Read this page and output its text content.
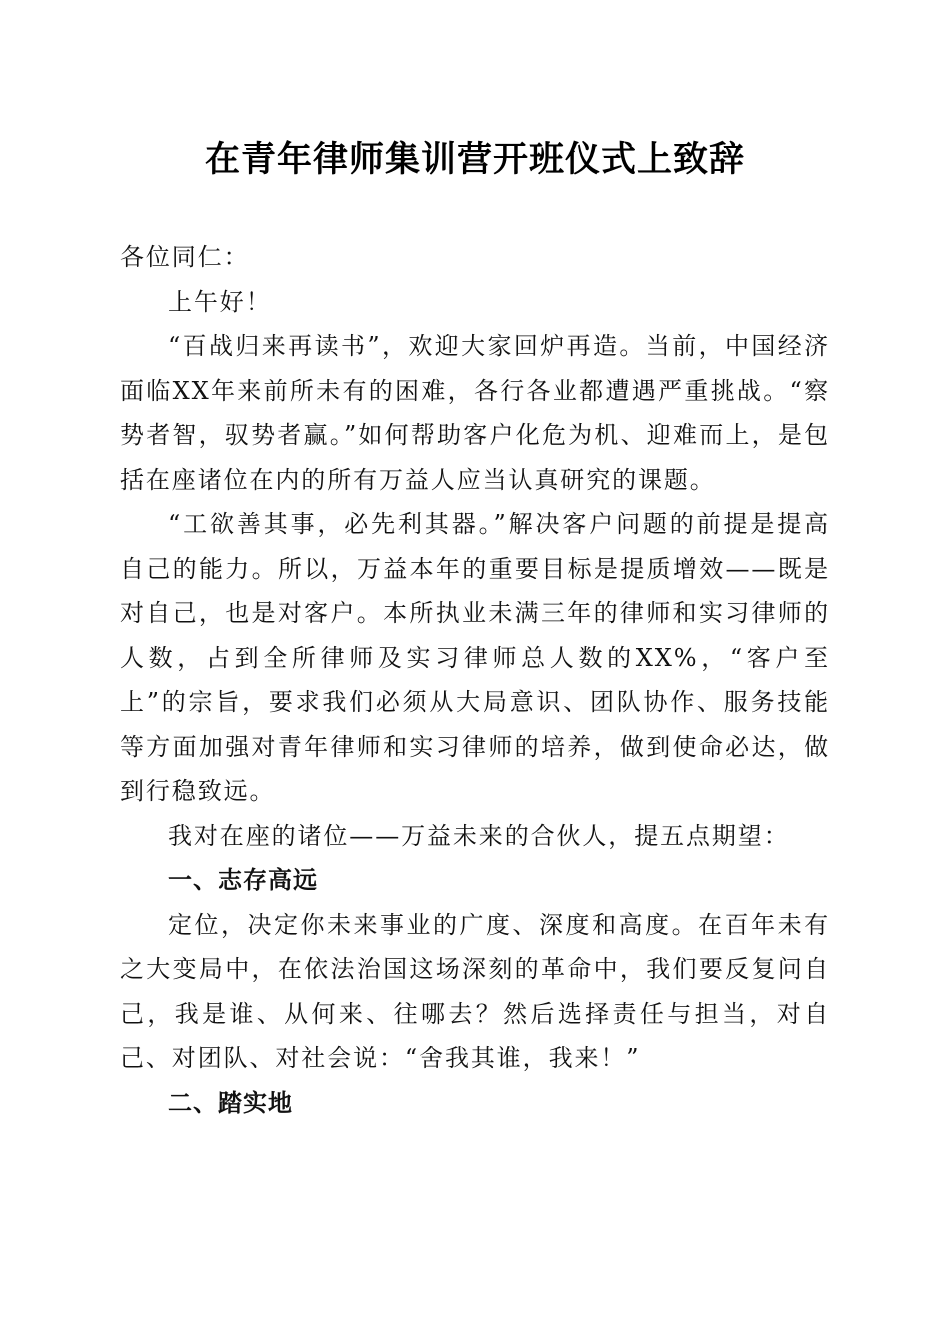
在青年律师集训营开班仪式上致辞

各位同仁：

上午好！

“百战归来再读书”，欢迎大家回炉再造。当前，中国经济面临XX年来前所未有的困难，各行各业都遭遇严重挑战。“察势者智，驭势者赢。”如何帮助客户化危为机、迎难而上，是包括在座诸位在内的所有万益人应当认真研究的课题。

“工欲善其事，必先利其器。”解决客户问题的前提是提高自己的能力。所以，万益本年的重要目标是提质增效——既是对自己，也是对客户。本所执业未满三年的律师和实习律师的人数，占到全所律师及实习律师总人数的XX%，“客户至上”的宗旨，要求我们必须从大局意识、团队协作、服务技能等方面加强对青年律师和实习律师的培养，做到使命必达，做到行稳致远。

我对在座的诸位——万益未来的合伙人，提五点期望：

一、志存高远

定位，决定你未来事业的广度、深度和高度。在百年未有之大变局中，在依法治国这场深刻的革命中，我们要反复问自己，我是谁、从何来、往哪去？然后选择责任与担当，对自己、对团队、对社会说：“舍我其谁，我来！”

二、踏实地
